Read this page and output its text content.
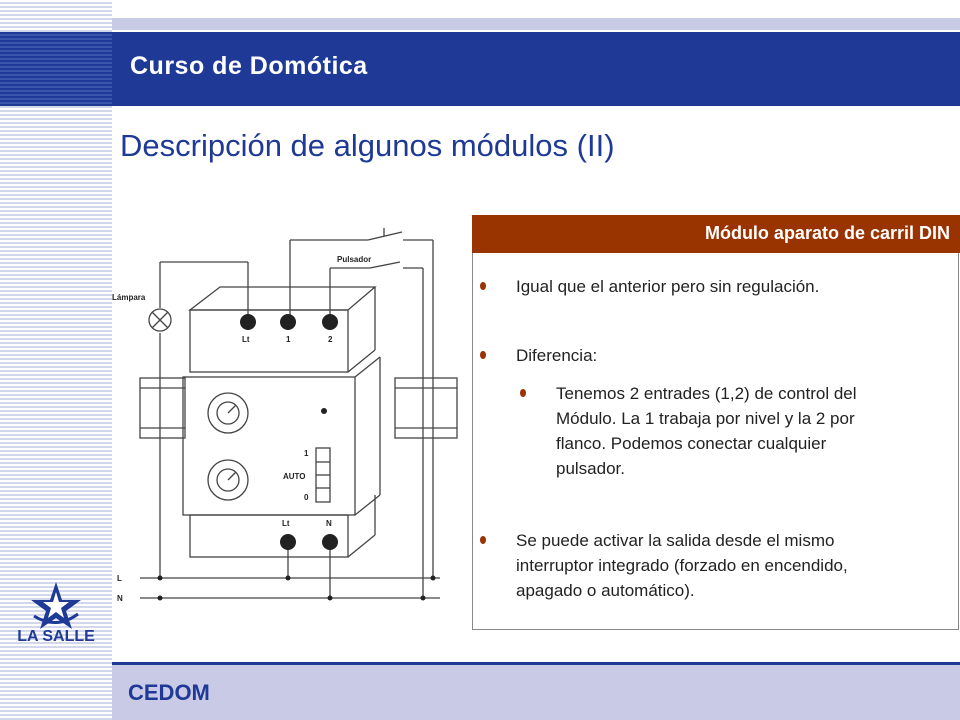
Curso de Domótica
Descripción de algunos módulos (II)
Lámpara
Pulsador
Lt	1	2
1
AUTO
0
Lt	N
L
N
Módulo aparato de carril DIN
Igual que el anterior pero sin regulación.
Diferencia:
Tenemos 2 entrades (1,2) de control del
Módulo. La 1 trabaja por nivel y la 2 por
flanco. Podemos conectar cualquier
pulsador.
Se puede activar la salida desde el mismo
interruptor integrado (forzado en encendido,
apagado o automático).
LA SALLE
CEDOM
